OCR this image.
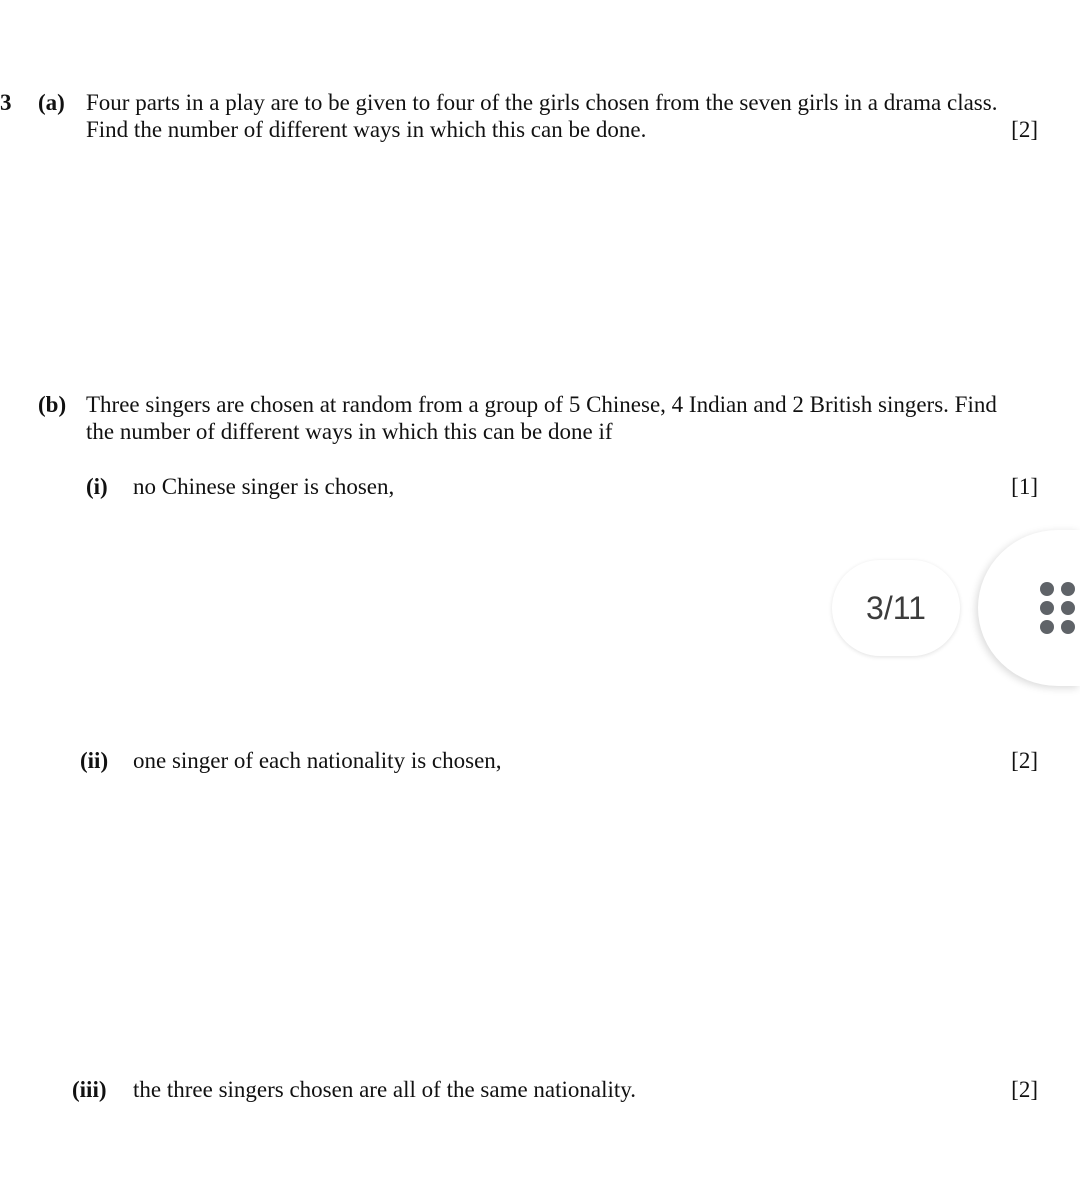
3 (a) Four parts in a play are to be given to four of the girls chosen from the seven girls in a drama class.
Find the number of different ways in which this can be done.	[2]
(b) Three singers are chosen at random from a group of 5 Chinese, 4 Indian and 2 British singers. Find
the number of different ways in which this can be done if
(i) no Chinese singer is chosen,	[1]
(ii) one singer of each nationality is chosen,	[2]
(iii) the three singers chosen are all of the same nationality.	[2]
3/11
